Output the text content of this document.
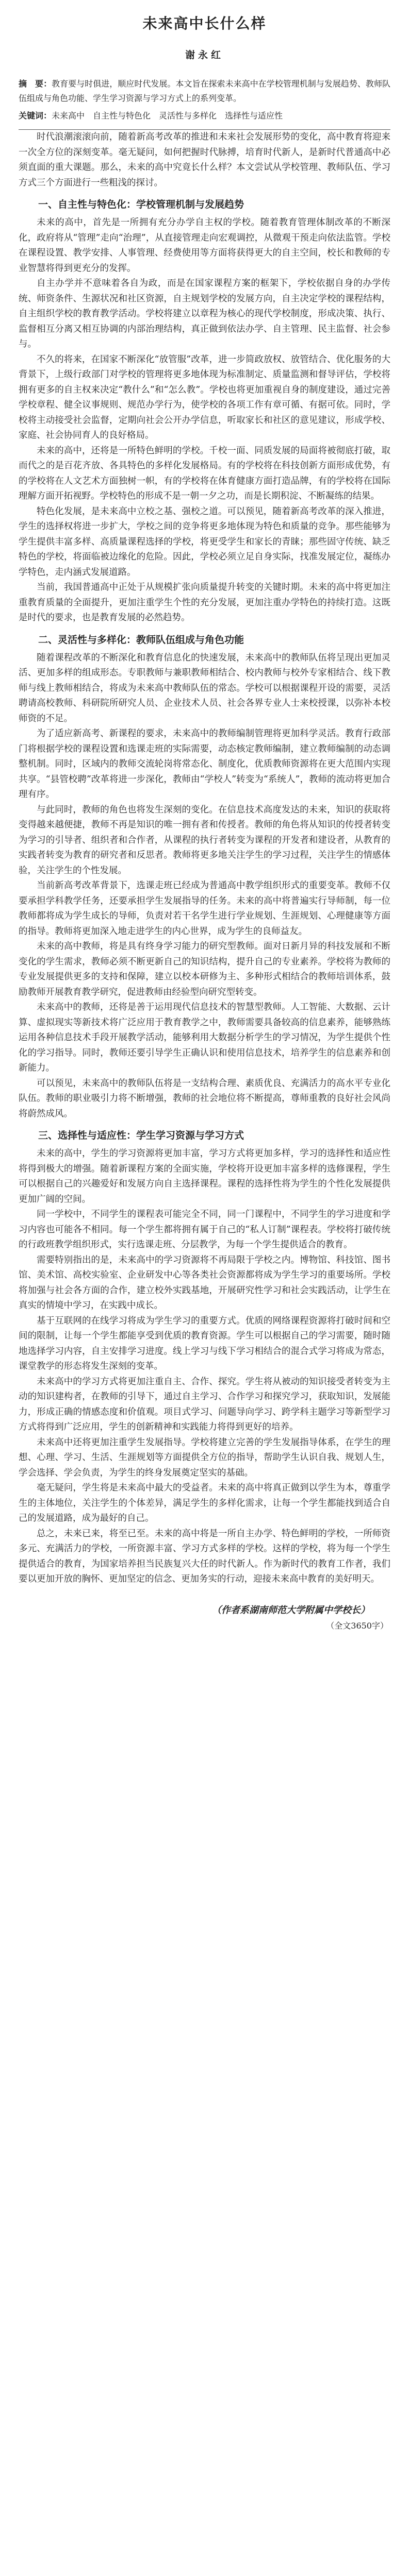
未来高中长什么样
谢永红
摘　要：教育要与时俱进，顺应时代发展。本文旨在探索未来高中在学校管理机制与发展趋势、教师队伍组成与角色功能、学生学习资源与学习方式上的系列变革。
关键词：未来高中　自主性与特色化　灵活性与多样化　选择性与适应性

时代浪潮滚滚向前，随着新高考改革的推进和未来社会发展形势的变化，高中教育将迎来一次全方位的深刻变革。毫无疑问，如何把握时代脉搏，培育时代新人，是新时代普通高中必须直面的重大课题。那么，未来的高中究竟长什么样？本文尝试从学校管理、教师队伍、学习方式三个方面进行一些粗浅的探讨。

一、自主性与特色化：学校管理机制与发展趋势

未来的高中，首先是一所拥有充分办学自主权的学校。随着教育管理体制改革的不断深化，政府将从“管理”走向“治理”，从直接管理走向宏观调控，从微观干预走向依法监管。学校在课程设置、教学安排、人事管理、经费使用等方面将获得更大的自主空间，校长和教师的专业智慧将得到更充分的发挥。

自主办学并不意味着各自为政，而是在国家课程方案的框架下，学校依据自身的办学传统、师资条件、生源状况和社区资源，自主规划学校的发展方向，自主决定学校的课程结构，自主组织学校的教育教学活动。学校将建立以章程为核心的现代学校制度，形成决策、执行、监督相互分离又相互协调的内部治理结构，真正做到依法办学、自主管理、民主监督、社会参与。

不久的将来，在国家不断深化“放管服”改革，进一步简政放权、放管结合、优化服务的大背景下，上级行政部门对学校的管理将更多地体现为标准制定、质量监测和督导评估，学校将拥有更多的自主权来决定“教什么”和“怎么教”。学校也将更加重视自身的制度建设，通过完善学校章程、健全议事规则、规范办学行为，使学校的各项工作有章可循、有据可依。同时，学校将主动接受社会监督，定期向社会公开办学信息，听取家长和社区的意见建议，形成学校、家庭、社会协同育人的良好格局。

未来的高中，还将是一所特色鲜明的学校。千校一面、同质发展的局面将被彻底打破，取而代之的是百花齐放、各具特色的多样化发展格局。有的学校将在科技创新方面形成优势，有的学校将在人文艺术方面独树一帜，有的学校将在体育健康方面打造品牌，有的学校将在国际理解方面开拓视野。学校特色的形成不是一朝一夕之功，而是长期积淀、不断凝练的结果。

特色化发展，是未来高中立校之基、强校之道。可以预见，随着新高考改革的深入推进，学生的选择权将进一步扩大，学校之间的竞争将更多地体现为特色和质量的竞争。那些能够为学生提供丰富多样、高质量课程选择的学校，将更受学生和家长的青睐；那些固守传统、缺乏特色的学校，将面临被边缘化的危险。因此，学校必须立足自身实际，找准发展定位，凝练办学特色，走内涵式发展道路。

当前，我国普通高中正处于从规模扩张向质量提升转变的关键时期。未来的高中将更加注重教育质量的全面提升，更加注重学生个性的充分发展，更加注重办学特色的持续打造。这既是时代的要求，也是教育发展的必然趋势。

二、灵活性与多样化：教师队伍组成与角色功能

随着课程改革的不断深化和教育信息化的快速发展，未来高中的教师队伍将呈现出更加灵活、更加多样的组成形态。专职教师与兼职教师相结合、校内教师与校外专家相结合、线下教师与线上教师相结合，将成为未来高中教师队伍的常态。学校可以根据课程开设的需要，灵活聘请高校教师、科研院所研究人员、企业技术人员、社会各界专业人士来校授课，以弥补本校师资的不足。

为了适应新高考、新课程的要求，未来高中的教师编制管理将更加科学灵活。教育行政部门将根据学校的课程设置和选课走班的实际需要，动态核定教师编制，建立教师编制的动态调整机制。同时，区域内的教师交流轮岗将常态化、制度化，优质教师资源将在更大范围内实现共享。“县管校聘”改革将进一步深化，教师由“学校人”转变为“系统人”，教师的流动将更加合理有序。

与此同时，教师的角色也将发生深刻的变化。在信息技术高度发达的未来，知识的获取将变得越来越便捷，教师不再是知识的唯一拥有者和传授者。教师的角色将从知识的传授者转变为学习的引导者、组织者和合作者，从课程的执行者转变为课程的开发者和建设者，从教育的实践者转变为教育的研究者和反思者。教师将更多地关注学生的学习过程，关注学生的情感体验，关注学生的个性发展。

当前新高考改革背景下，选课走班已经成为普通高中教学组织形式的重要变革。教师不仅要承担学科教学任务，还要承担学生发展指导的任务。未来的高中将普遍实行导师制，每一位教师都将成为学生成长的导师，负责对若干名学生进行学业规划、生涯规划、心理健康等方面的指导。教师将更加深入地走进学生的内心世界，成为学生的良师益友。

未来的高中教师，将是具有终身学习能力的研究型教师。面对日新月异的科技发展和不断变化的学生需求，教师必须不断更新自己的知识结构，提升自己的专业素养。学校将为教师的专业发展提供更多的支持和保障，建立以校本研修为主、多种形式相结合的教师培训体系，鼓励教师开展教育教学研究，促进教师由经验型向研究型转变。

未来高中的教师，还将是善于运用现代信息技术的智慧型教师。人工智能、大数据、云计算、虚拟现实等新技术将广泛应用于教育教学之中，教师需要具备较高的信息素养，能够熟练运用各种信息技术手段开展教学活动，能够利用大数据分析学生的学习情况，为学生提供个性化的学习指导。同时，教师还要引导学生正确认识和使用信息技术，培养学生的信息素养和创新能力。

可以预见，未来高中的教师队伍将是一支结构合理、素质优良、充满活力的高水平专业化队伍。教师的职业吸引力将不断增强，教师的社会地位将不断提高，尊师重教的良好社会风尚将蔚然成风。

三、选择性与适应性：学生学习资源与学习方式

未来的高中，学生的学习资源将更加丰富，学习方式将更加多样，学习的选择性和适应性将得到极大的增强。随着新课程方案的全面实施，学校将开设更加丰富多样的选修课程，学生可以根据自己的兴趣爱好和发展方向自主选择课程。课程的选择性将为学生的个性化发展提供更加广阔的空间。

同一学校中，不同学生的课程表可能完全不同，同一门课程中，不同学生的学习进度和学习内容也可能各不相同。每一个学生都将拥有属于自己的“私人订制”课程表。学校将打破传统的行政班教学组织形式，实行选课走班、分层教学，为每一个学生提供适合的教育。

需要特别指出的是，未来高中的学习资源将不再局限于学校之内。博物馆、科技馆、图书馆、美术馆、高校实验室、企业研发中心等各类社会资源都将成为学生学习的重要场所。学校将加强与社会各方面的合作，建立校外实践基地，开展研究性学习和社会实践活动，让学生在真实的情境中学习，在实践中成长。

基于互联网的在线学习将成为学生学习的重要方式。优质的网络课程资源将打破时间和空间的限制，让每一个学生都能享受到优质的教育资源。学生可以根据自己的学习需要，随时随地选择学习内容，自主安排学习进度。线上学习与线下学习相结合的混合式学习将成为常态，课堂教学的形态将发生深刻的变革。

未来高中的学习方式将更加注重自主、合作、探究。学生将从被动的知识接受者转变为主动的知识建构者，在教师的引导下，通过自主学习、合作学习和探究学习，获取知识，发展能力，形成正确的情感态度和价值观。项目式学习、问题导向学习、跨学科主题学习等新型学习方式将得到广泛应用，学生的创新精神和实践能力将得到更好的培养。

未来高中还将更加注重学生发展指导。学校将建立完善的学生发展指导体系，在学生的理想、心理、学习、生活、生涯规划等方面提供全方位的指导，帮助学生认识自我、规划人生，学会选择、学会负责，为学生的终身发展奠定坚实的基础。

毫无疑问，学生将是未来高中最大的受益者。未来的高中将真正做到以学生为本，尊重学生的主体地位，关注学生的个体差异，满足学生的多样化需求，让每一个学生都能找到适合自己的发展道路，成为最好的自己。

总之，未来已来，将至已至。未来的高中将是一所自主办学、特色鲜明的学校，一所师资多元、充满活力的学校，一所资源丰富、学习方式多样的学校。这样的学校，将为每一个学生提供适合的教育，为国家培养担当民族复兴大任的时代新人。作为新时代的教育工作者，我们要以更加开放的胸怀、更加坚定的信念、更加务实的行动，迎接未来高中教育的美好明天。

（作者系湖南师范大学附属中学校长）
（全文3650字）
